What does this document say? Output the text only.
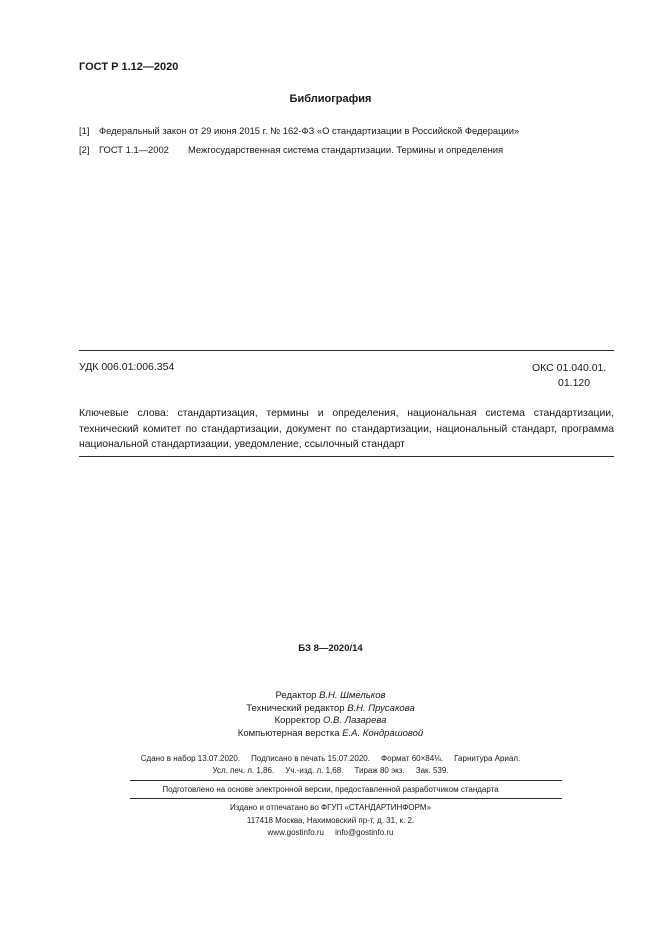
ГОСТ Р 1.12—2020
Библиография
[1] Федеральный закон от 29 июня 2015 г. № 162-ФЗ «О стандартизации в Российской Федерации»
[2] ГОСТ 1.1—2002 Межгосударственная система стандартизации. Термины и определения
УДК 006.01:006.354	ОКС 01.040.01.
01.120
Ключевые слова: стандартизация, термины и определения, национальная система стандартизации, технический комитет по стандартизации, документ по стандартизации, национальный стандарт, программа национальной стандартизации, уведомление, ссылочный стандарт
БЗ 8—2020/14
Редактор В.Н. Шмельков
Технический редактор В.Н. Прусакова
Корректор О.В. Лазарева
Компьютерная верстка Е.А. Кондрашовой
Сдано в набор 13.07.2020.     Подписано в печать 15.07.2020.     Формат 60×84⅛.     Гарнитура Ариал.
Усл. печ. л. 1,86.     Уч.-изд. л. 1,68.     Тираж 80 экз.     Зак. 539.
Подготовлено на основе электронной версии, предоставленной разработчиком стандарта
Издано и отпечатано во ФГУП «СТАНДАРТИНФОРМ»
117418 Москва, Нахимовский пр-т, д. 31, к. 2.
www.gostinfo.ru info@gostinfo.ru
